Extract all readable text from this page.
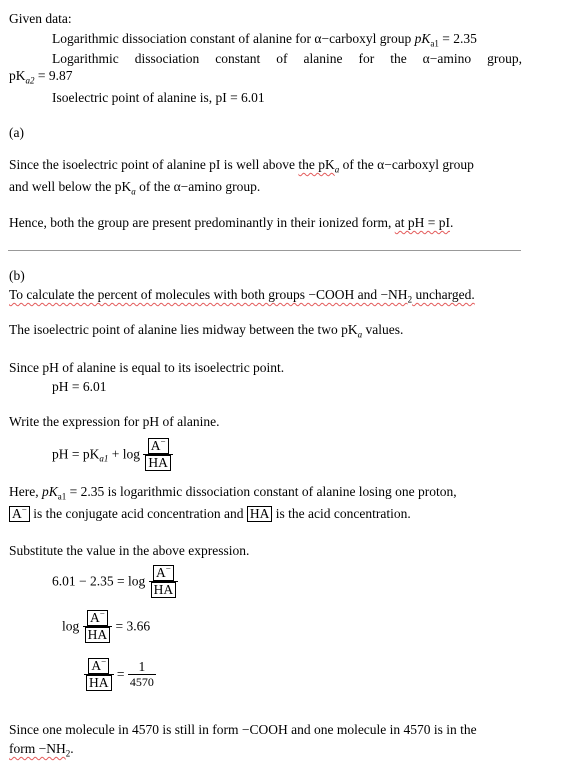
Given data:
Logarithmic dissociation constant of alanine for α−carboxyl group $pK_{a1} = 2.35$
Logarithmic dissociation constant of alanine for the α−amino group,
$pK_{a2} = 9.87$
Isoelectric point of alanine is, pI = 6.01
(a)
Since the isoelectric point of alanine pI is well above the $pK_a$ of the α−carboxyl group
and well below the $pK_a$ of the α−amino group.
Hence, both the group are present predominantly in their ionized form, at pH = pI.
(b)
To calculate the percent of molecules with both groups −COOH and $-NH_2$ uncharged.
The isoelectric point of alanine lies midway between the two $pK_a$ values.
Since pH of alanine is equal to its isoelectric point.
pH = 6.01
Write the expression for pH of alanine.
pH = $pK_{a1} + \log \frac{A^-}{HA}$
Here, $pK_{a1} = 2.35$ is logarithmic dissociation constant of alanine losing one proton,
A− is the conjugate acid concentration and HA is the acid concentration.
Substitute the value in the above expression.
$6.01 - 2.35 = \log \frac{A^-}{HA}$
$\log \frac{A^-}{HA} = 3.66$
$\frac{A^-}{HA} = \frac{1}{4570}$
Since one molecule in 4570 is still in form −COOH and one molecule in 4570 is in the
form $-NH_2$.
